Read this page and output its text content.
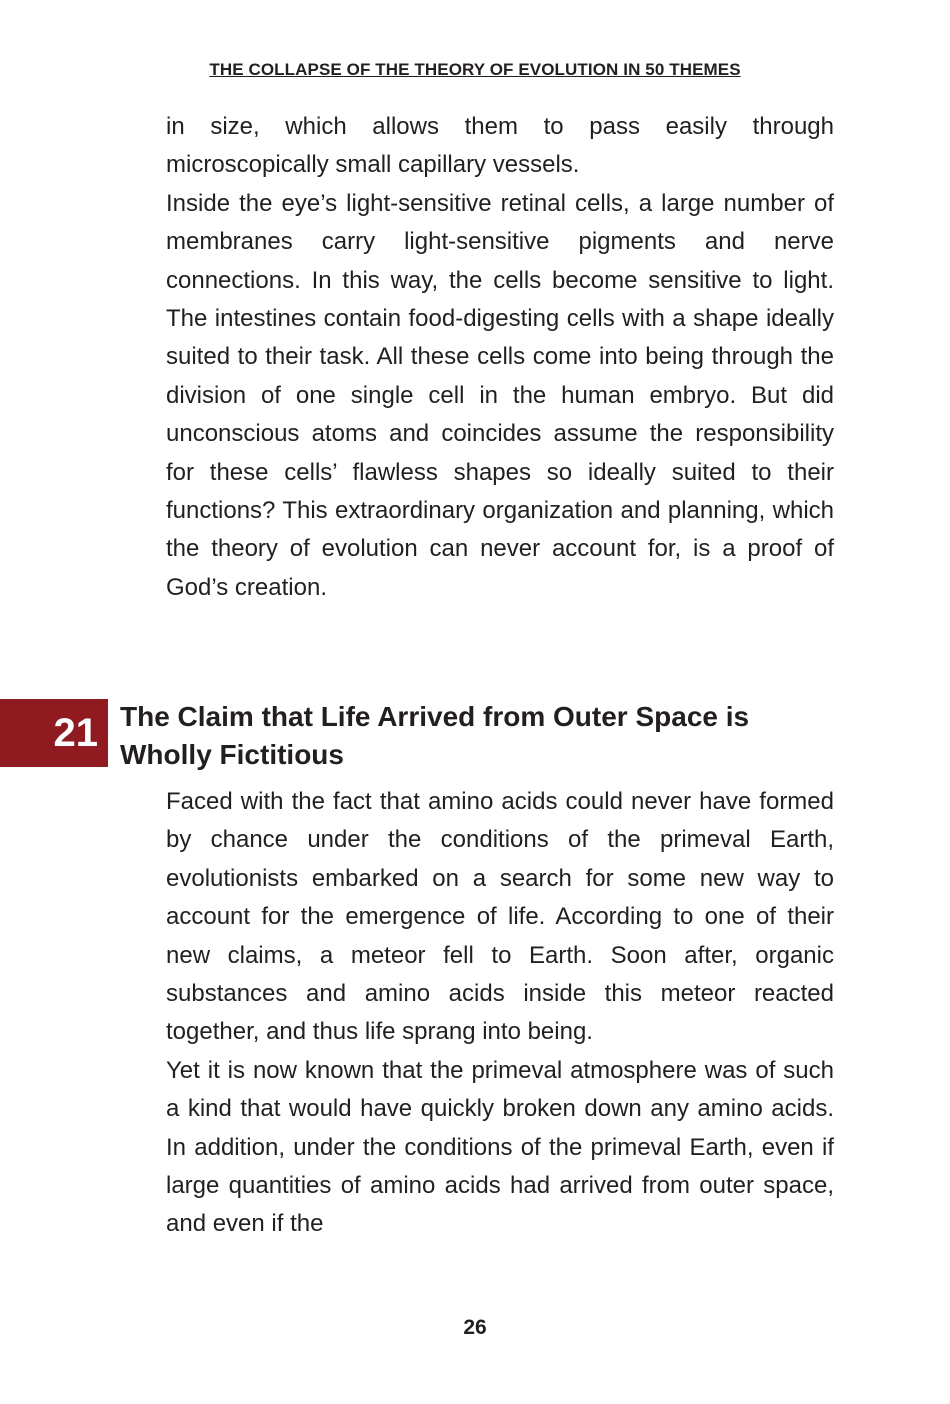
THE COLLAPSE OF THE THEORY OF EVOLUTION IN 50 THEMES

in size, which allows them to pass easily through microscopically small capillary vessels.

Inside the eye’s light-sensitive retinal cells, a large number of membranes carry light-sensitive pigments and nerve connections. In this way, the cells become sensitive to light. The intestines contain food-digesting cells with a shape ideally suited to their task. All these cells come into being through the division of one single cell in the human embryo. But did unconscious atoms and coincides assume the responsibility for these cells’ flawless shapes so ideally suited to their functions? This extraordinary organization and planning, which the theory of evolution can never account for, is a proof of God’s creation.

21 The Claim that Life Arrived from Outer Space is Wholly Fictitious

Faced with the fact that amino acids could never have formed by chance under the conditions of the primeval Earth, evolutionists embarked on a search for some new way to account for the emergence of life. According to one of their new claims, a meteor fell to Earth. Soon after, organic substances and amino acids inside this meteor reacted together, and thus life sprang into being.

Yet it is now known that the primeval atmosphere was of such a kind that would have quickly broken down any amino acids. In addition, under the conditions of the primeval Earth, even if large quantities of amino acids had arrived from outer space, and even if the

26
